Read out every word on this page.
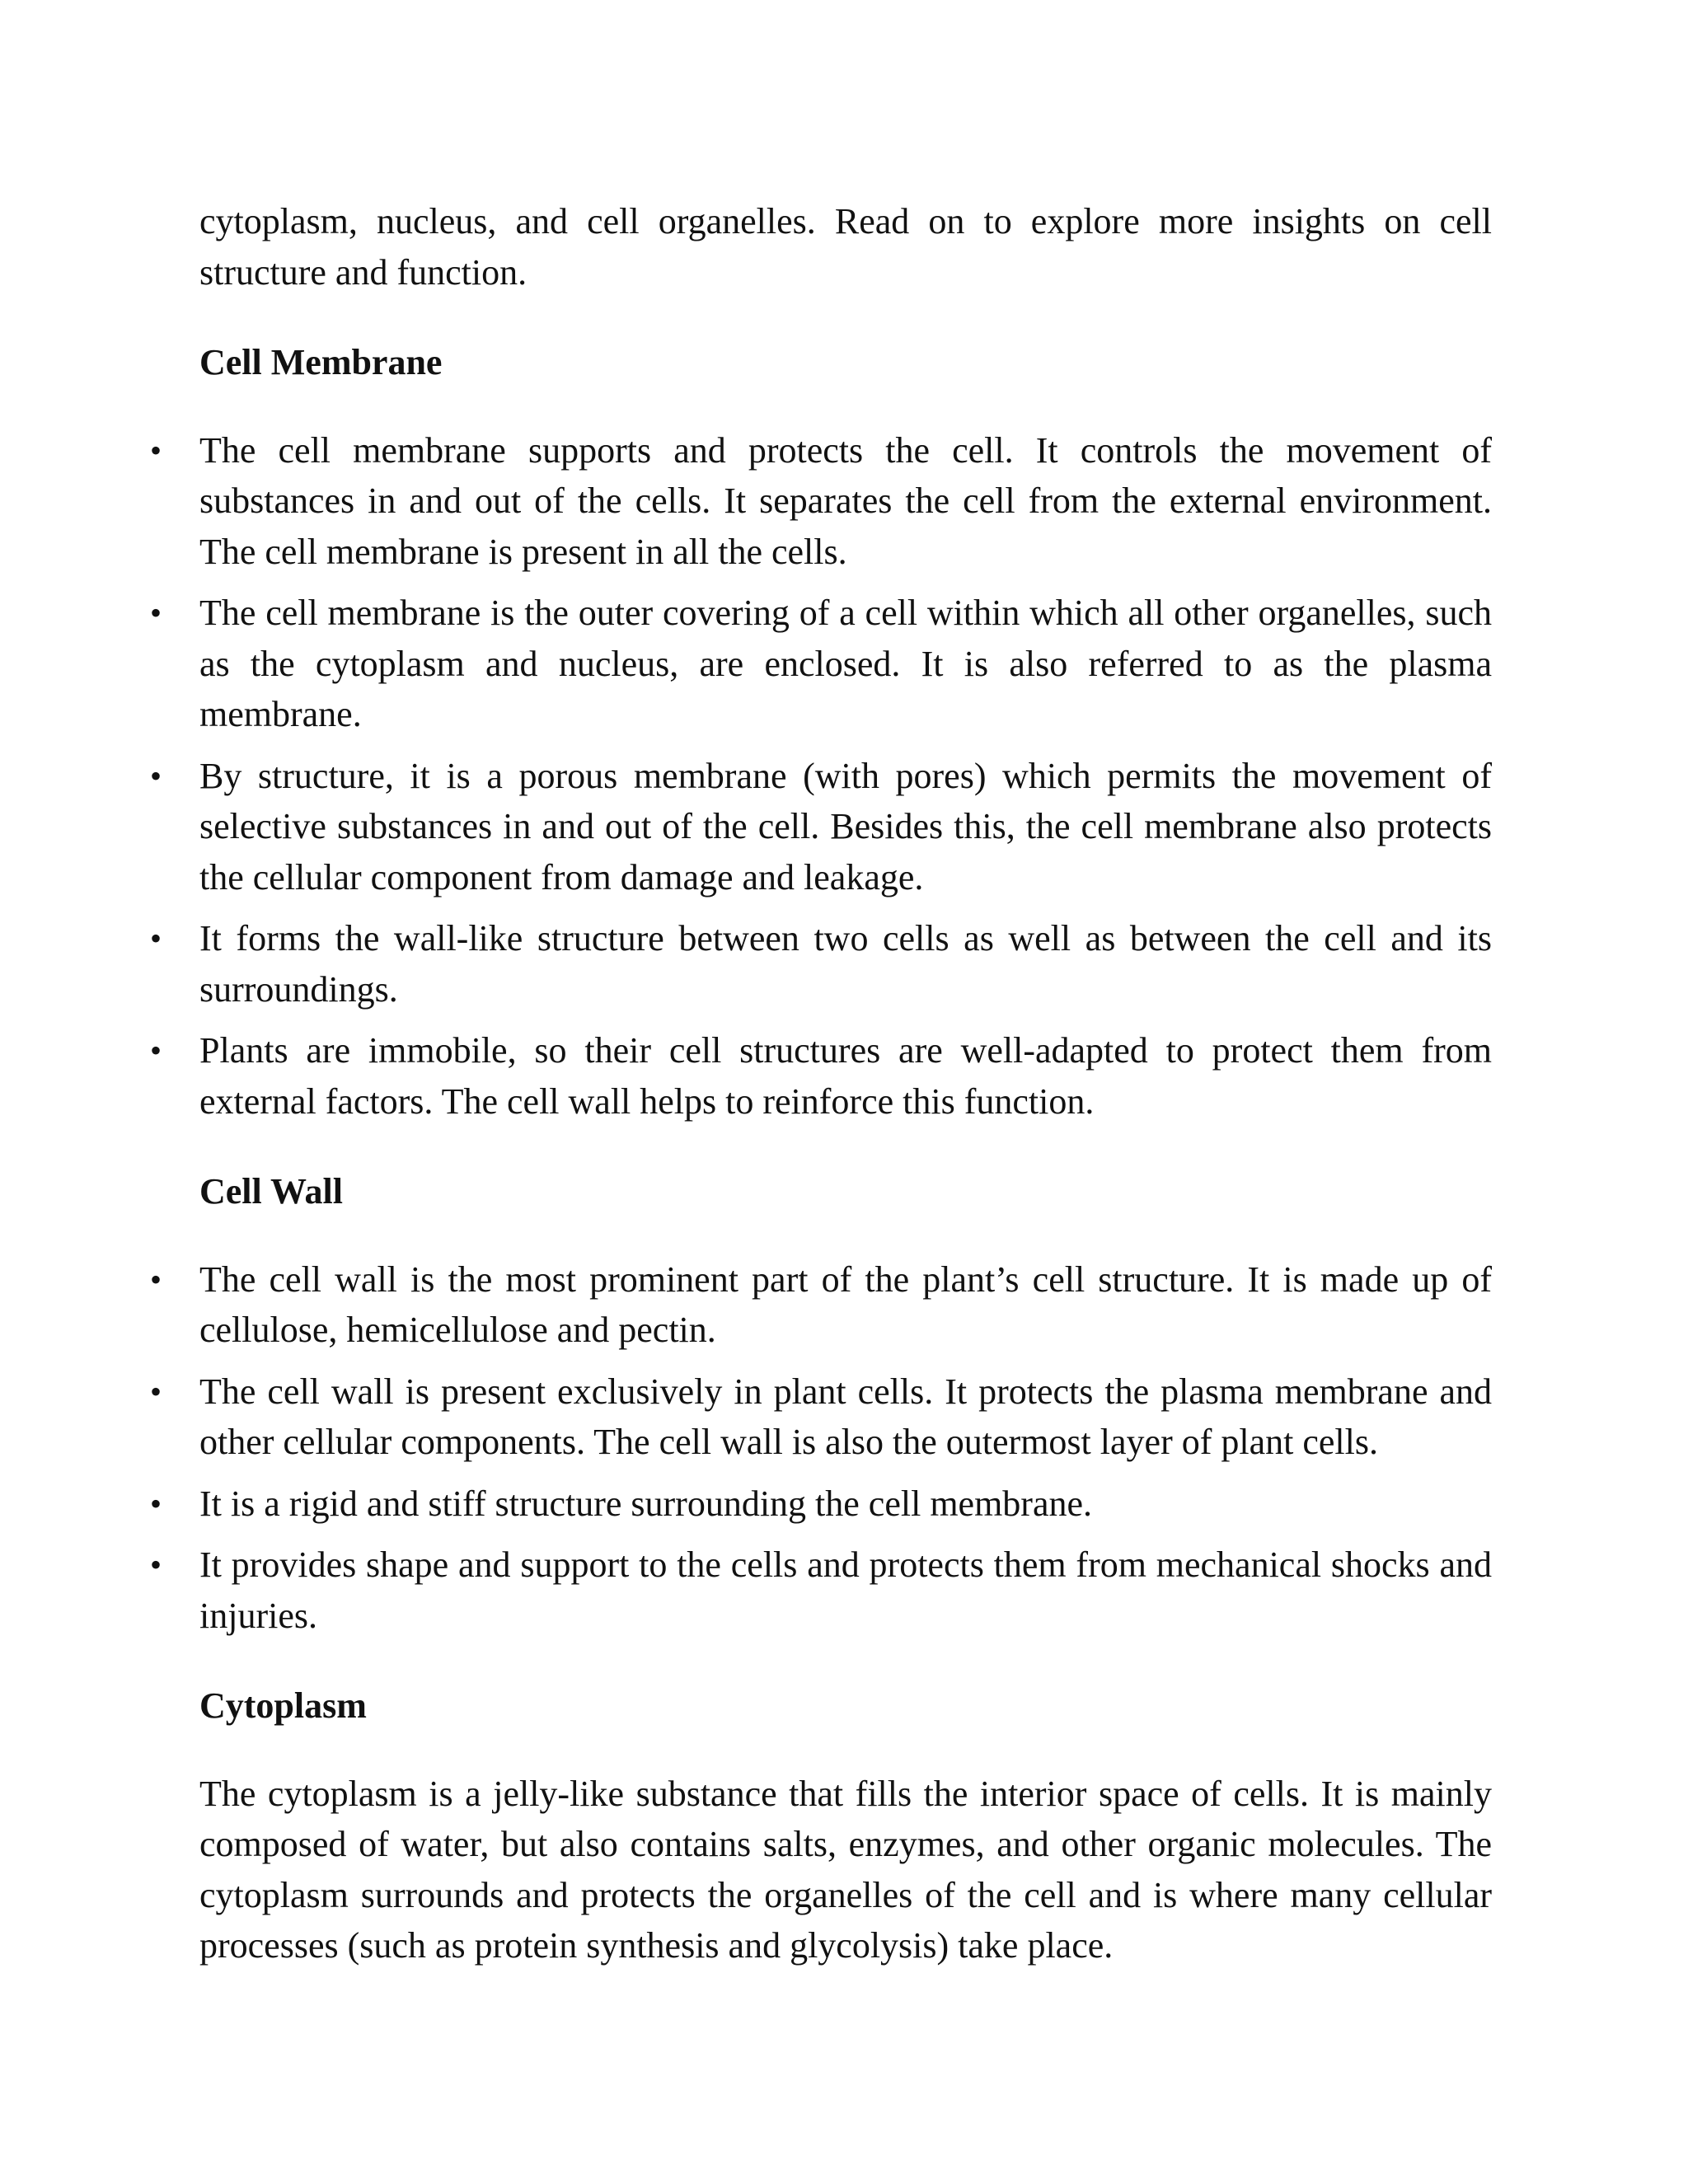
cytoplasm, nucleus, and cell organelles. Read on to explore more insights on cell structure and function.

Cell Membrane
• The cell membrane supports and protects the cell. It controls the movement of substances in and out of the cells. It separates the cell from the external environment. The cell membrane is present in all the cells.
• The cell membrane is the outer covering of a cell within which all other organelles, such as the cytoplasm and nucleus, are enclosed. It is also referred to as the plasma membrane.
• By structure, it is a porous membrane (with pores) which permits the movement of selective substances in and out of the cell. Besides this, the cell membrane also protects the cellular component from damage and leakage.
• It forms the wall-like structure between two cells as well as between the cell and its surroundings.
• Plants are immobile, so their cell structures are well-adapted to protect them from external factors. The cell wall helps to reinforce this function.
Cell Wall
• The cell wall is the most prominent part of the plant’s cell structure. It is made up of cellulose, hemicellulose and pectin.
• The cell wall is present exclusively in plant cells. It protects the plasma membrane and other cellular components. The cell wall is also the outermost layer of plant cells.
• It is a rigid and stiff structure surrounding the cell membrane.
• It provides shape and support to the cells and protects them from mechanical shocks and injuries.
Cytoplasm

The cytoplasm is a jelly-like substance that fills the interior space of cells. It is mainly composed of water, but also contains salts, enzymes, and other organic molecules. The cytoplasm surrounds and protects the organelles of the cell and is where many cellular processes (such as protein synthesis and glycolysis) take place.
